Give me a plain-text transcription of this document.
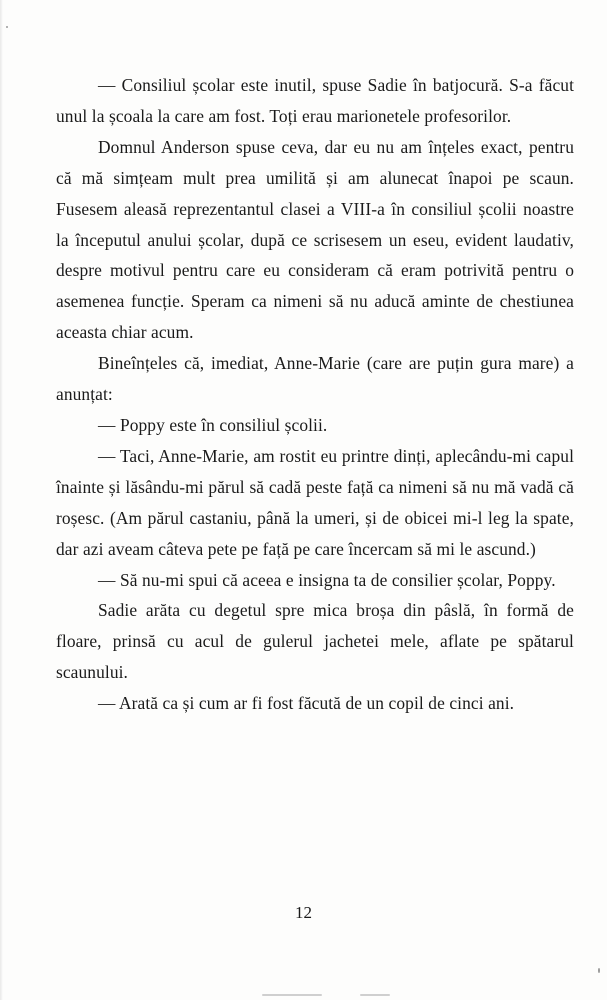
— Consiliul școlar este inutil, spuse Sadie în batjocură. S-a făcut unul la școala la care am fost. Toți erau marionetele profesorilor.

Domnul Anderson spuse ceva, dar eu nu am înțeles exact, pentru că mă simțeam mult prea umilită și am alunecat înapoi pe scaun. Fusesem aleasă reprezentantul clasei a VIII-a în consiliul școlii noastre la începutul anului școlar, după ce scrisesem un eseu, evident laudativ, despre motivul pentru care eu consideram că eram potrivită pentru o asemenea funcție. Speram ca nimeni să nu aducă aminte de chestiunea aceasta chiar acum.

Bineînțeles că, imediat, Anne-Marie (care are puțin gura mare) a anunțat:

— Poppy este în consiliul școlii.

— Taci, Anne-Marie, am rostit eu printre dinți, aplecându-mi capul înainte și lăsându-mi părul să cadă peste față ca nimeni să nu mă vadă că roșesc. (Am părul castaniu, până la umeri, și de obicei mi-l leg la spate, dar azi aveam câteva pete pe față pe care încercam să mi le ascund.)

— Să nu-mi spui că aceea e insigna ta de consilier școlar, Poppy.

Sadie arăta cu degetul spre mica broșa din pâslă, în formă de floare, prinsă cu acul de gulerul jachetei mele, aflate pe spătarul scaunului.

— Arată ca și cum ar fi fost făcută de un copil de cinci ani.

12
